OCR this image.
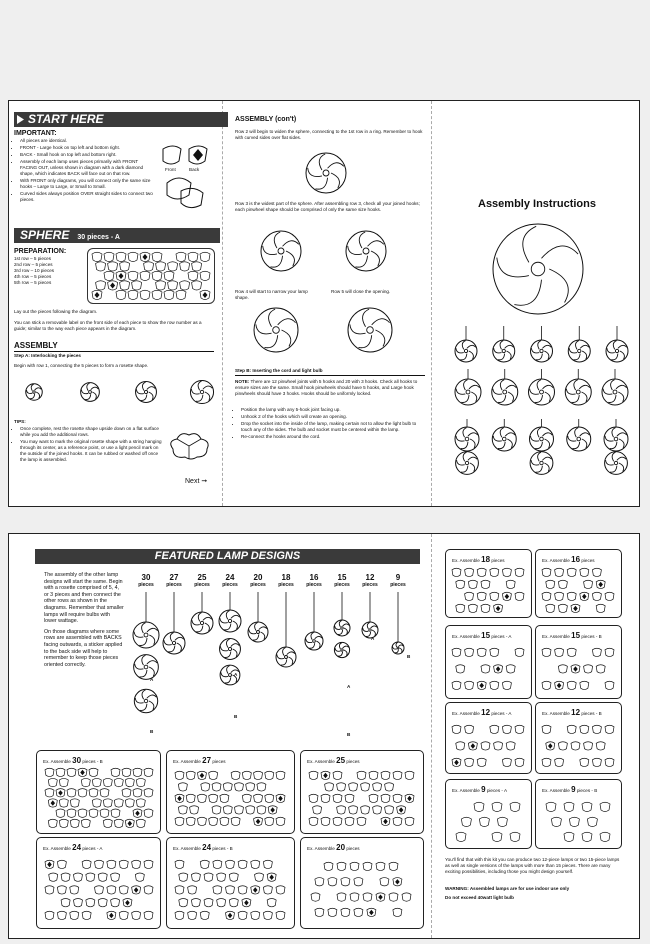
START HERE
IMPORTANT:
• All pieces are identical.
• FRONT - Large hook on top left and bottom right.
• BACK - Small hook on top left and bottom right.
• Assembly of each lamp uses pieces primarily with FRONT FACING OUT, unless shown in diagram with a dark diamond shape, which indicates BACK will face out on that row.
• With FRONT only diagrams, you will connect only the same size hooks – Large to Large, or Small to Small.
• Curved sides always position OVER straight sides to connect two pieces.
Front	Back
SPHERE 30 pieces - A
PREPARATION:
1st row – 5 pieces
2nd row – 5 pieces
3rd row – 10 pieces
4th row – 5 pieces
5th row – 5 pieces
Lay out the pieces following the diagram.
You can stick a removable label on the front side of each piece to show the row number as a guide; similar to the way each piece appears in the diagram.
ASSEMBLY
Step A: Interlocking the pieces
Begin with row 1, connecting the 5 pieces to form a rosette shape.
TIPS:
• Once complete, rest the rosette shape upside down on a flat surface while you add the additional rows.
• You may want to mark the original rosette shape with a string hanging through its center, as a reference point, or use a light pencil mark on the outside of the joined hooks. It can be rubbed or washed off once the lamp is assembled.
Next ➞
ASSEMBLY (con't)
Row 2 will begin to widen the sphere, connecting to the 1st row in a ring. Remember to hook with curved sides over flat sides.
Row 3 is the widest part of the sphere. After assembling row 3, check all your joined hooks; each pinwheel shape should be comprised of only the same size hooks.
Row 4 will start to narrow your lamp shape.
Row 5 will close the opening.
Step B: Inserting the cord and light bulb
NOTE: There are 12 pinwheel joints with 5 hooks and 20 with 3 hooks. Check all hooks to ensure sizes are the same. Small hook pinwheels should have 5 hooks, and Large hook pinwheels should have 3 hooks. Hooks should be uniformly locked.
• Position the lamp with any 5-hook joint facing up.
• Unhook 2 of the hooks which will create an opening.
• Drop the socket into the inside of the lamp, making certain not to allow the light bulb to touch any of the sides. The bulb and socket must be centered within the lamp.
• Re-connect the hooks around the cord.
Assembly Instructions
FEATURED LAMP DESIGNS
The assembly of the other lamp designs will start the same. Begin with a rosette comprised of 5, 4, or 3 pieces and then connect the other rows as shown in the diagrams. Remember that smaller lamps will require bulbs with lower wattage.
On those diagrams where some rows are assembled with BACKS facing outwards, a sticker applied to the back side will help to remember to keep those pieces oriented correctly.
30
pieces
27
pieces
25
pieces
24
pieces
20
pieces
18
pieces
16
pieces
15
pieces
12
pieces
9
pieces
A
B
A
B
A
B
A
B
Ex. Assemble 30 pieces - B	Ex. Assemble 27 pieces	Ex. Assemble 25 pieces
Ex. Assemble 24 pieces - A	Ex. Assemble 24 pieces - B	Ex. Assemble 20 pieces
Ex. Assemble 18 pieces	Ex. Assemble 16 pieces
Ex. Assemble 15 pieces - A	Ex. Assemble 15 pieces - B
Ex. Assemble 12 pieces - A	Ex. Assemble 12 pieces - B
Ex. Assemble 9 pieces - A	Ex. Assemble 9 pieces - B
You'll find that with this kit you can produce two 12-piece lamps or two 15-piece lamps as well as single versions of the lamps with more than 15 pieces. There are many exciting possibilities, including those you might design yourself.
WARNING: Assembled lamps are for use indoor use only
Do not exceed 40watt light bulb
